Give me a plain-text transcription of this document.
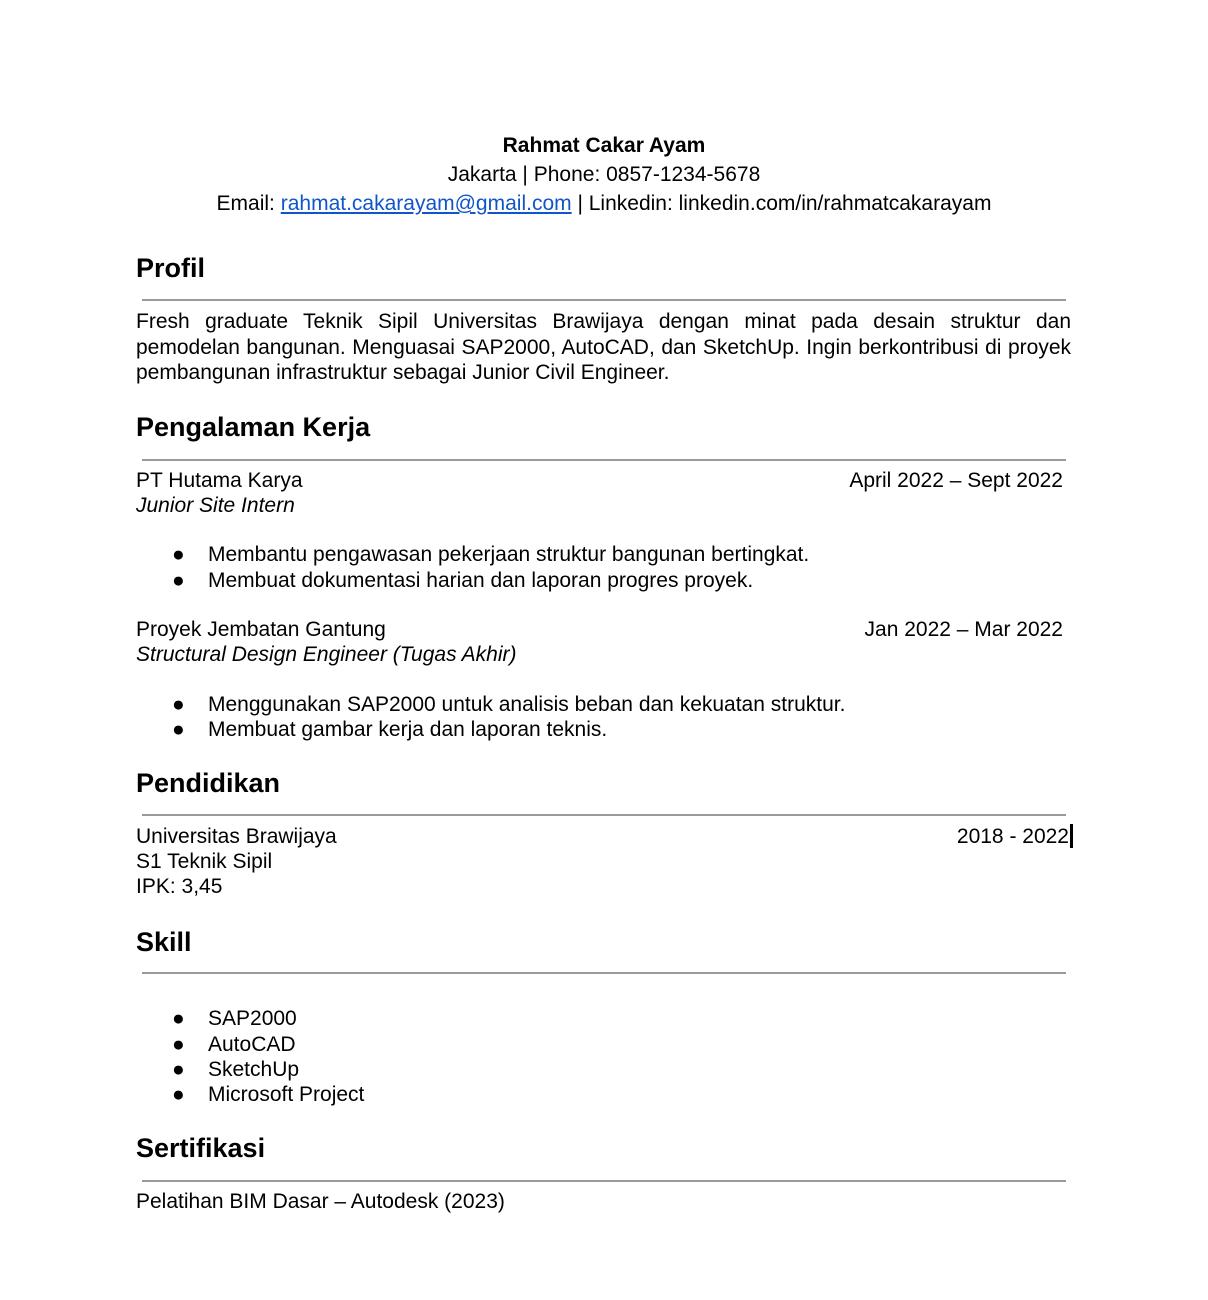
Rahmat Cakar Ayam
Jakarta | Phone: 0857-1234-5678
Email: rahmat.cakarayam@gmail.com | Linkedin: linkedin.com/in/rahmatcakarayam
Profil
Fresh graduate Teknik Sipil Universitas Brawijaya dengan minat pada desain struktur dan pemodelan bangunan. Menguasai SAP2000, AutoCAD, dan SketchUp. Ingin berkontribusi di proyek pembangunan infrastruktur sebagai Junior Civil Engineer.
Pengalaman Kerja
PT Hutama Karya	April 2022 – Sept 2022
Junior Site Intern
● Membantu pengawasan pekerjaan struktur bangunan bertingkat.
● Membuat dokumentasi harian dan laporan progres proyek.
Proyek Jembatan Gantung	Jan 2022 – Mar 2022
Structural Design Engineer (Tugas Akhir)
● Menggunakan SAP2000 untuk analisis beban dan kekuatan struktur.
● Membuat gambar kerja dan laporan teknis.
Pendidikan
Universitas Brawijaya	2018 - 2022
S1 Teknik Sipil
IPK: 3,45
Skill
● SAP2000
● AutoCAD
● SketchUp
● Microsoft Project
Sertifikasi
Pelatihan BIM Dasar – Autodesk (2023)
